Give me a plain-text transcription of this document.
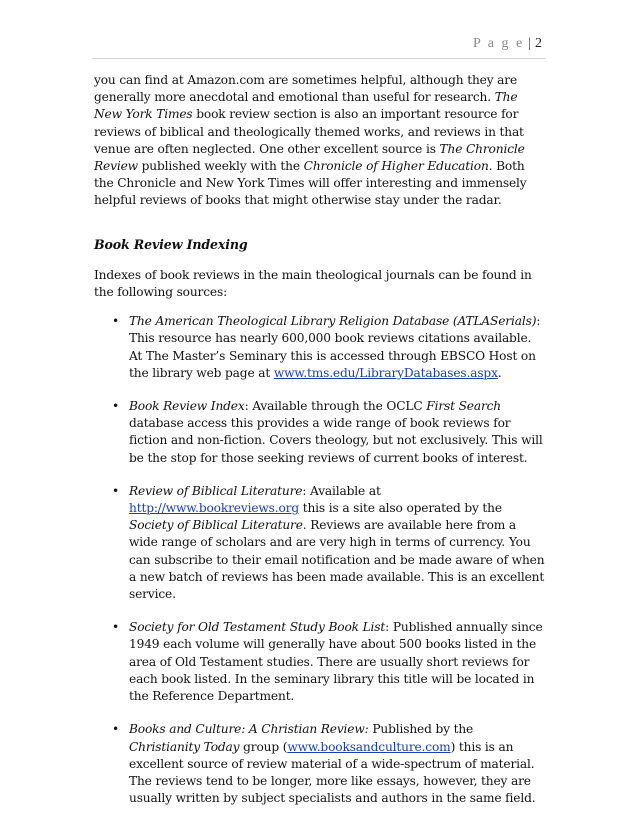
P a g e | 2

you can find at Amazon.com are sometimes helpful, although they are generally more anecdotal and emotional than useful for research. The New York Times book review section is also an important resource for reviews of biblical and theologically themed works, and reviews in that venue are often neglected. One other excellent source is The Chronicle Review published weekly with the Chronicle of Higher Education. Both the Chronicle and New York Times will offer interesting and immensely helpful reviews of books that might otherwise stay under the radar.

Book Review Indexing

Indexes of book reviews in the main theological journals can be found in the following sources:

• The American Theological Library Religion Database (ATLASerials): This resource has nearly 600,000 book reviews citations available. At The Master’s Seminary this is accessed through EBSCO Host on the library web page at www.tms.edu/LibraryDatabases.aspx.
• Book Review Index: Available through the OCLC First Search database access this provides a wide range of book reviews for fiction and non-fiction. Covers theology, but not exclusively. This will be the stop for those seeking reviews of current books of interest.
• Review of Biblical Literature: Available at http://www.bookreviews.org this is a site also operated by the Society of Biblical Literature. Reviews are available here from a wide range of scholars and are very high in terms of currency. You can subscribe to their email notification and be made aware of when a new batch of reviews has been made available. This is an excellent service.
• Society for Old Testament Study Book List: Published annually since 1949 each volume will generally have about 500 books listed in the area of Old Testament studies. There are usually short reviews for each book listed. In the seminary library this title will be located in the Reference Department.
• Books and Culture: A Christian Review: Published by the Christianity Today group (www.booksandculture.com) this is an excellent source of review material of a wide-spectrum of material. The reviews tend to be longer, more like essays, however, they are usually written by subject specialists and authors in the same field.
